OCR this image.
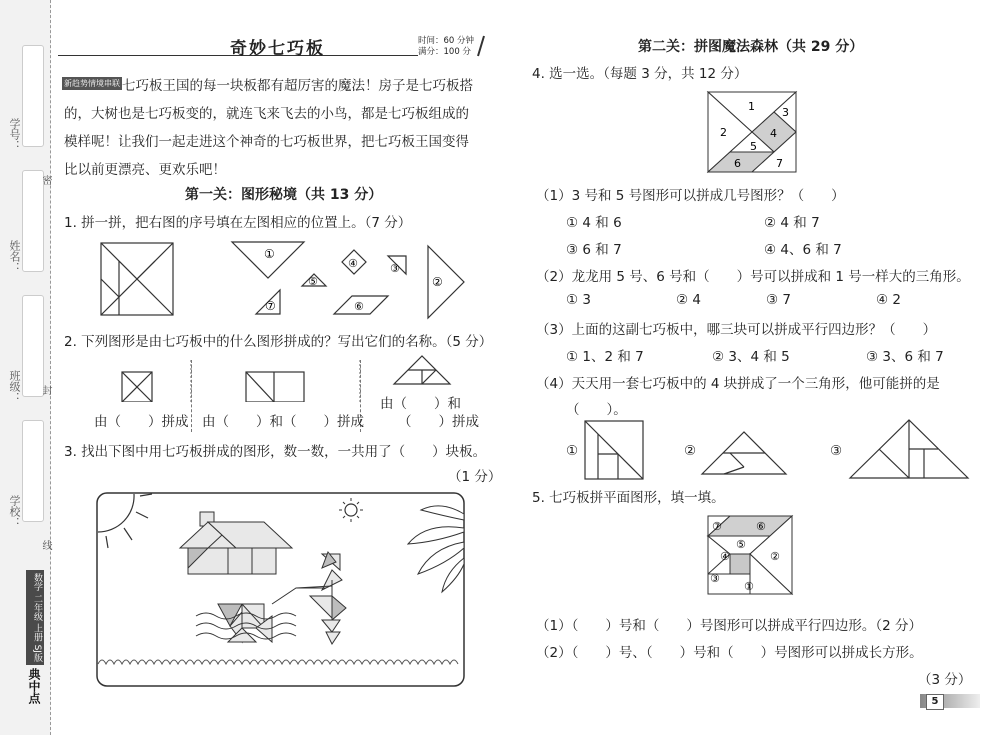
学号：
姓名：
班级：
学校：
密
封
线
数学 二年级 上册 SJ版
典中点
奇妙七巧板	时间：60 分钟
满分：100 分
新趋势情境串联 七巧板王国的每一块板都有超厉害的魔法！房子是七巧板搭
的，大树也是七巧板变的，就连飞来飞去的小鸟，都是七巧板组成的
模样呢！让我们一起走进这个神奇的七巧板世界，把七巧板王国变得
比以前更漂亮、更欢乐吧！
第一关：图形秘境（共 13 分）
1. 拼一拼，把右图的序号填在左图相应的位置上。（7 分）
①
⑦
⑤
④	③
⑥
②
2. 下列图形是由七巧板中的什么图形拼成的？写出它们的名称。（5 分）
由（　　）拼成 由（　　）和（　　）拼成
由（　　）和
（　　）拼成
3. 找出下图中用七巧板拼成的图形，数一数，一共用了（　　）块板。
（1 分）
第二关：拼图魔法森林（共 29 分）
4. 选一选。（每题 3 分，共 12 分）
1
2
3
4
5
6	7
（1）3 号和 5 号图形可以拼成几号图形？（　　）
① 4 和 6	② 4 和 7
③ 6 和 7	④ 4、6 和 7
（2）龙龙用 5 号、6 号和（　　）号可以拼成和 1 号一样大的三角形。
① 3	② 4	③ 7	④ 2
（3）上面的这副七巧板中，哪三块可以拼成平行四边形？（　　）
① 1、2 和 7	② 3、4 和 5	③ 3、6 和 7
（4）天天用一套七巧板中的 4 块拼成了一个三角形，他可能拼的是
（　　）。
①	②	③
5. 七巧板拼平面图形，填一填。
⑦	⑥
⑤
④
③
②
①
（1）（　　）号和（　　）号图形可以拼成平行四边形。（2 分）
（2）（　　）号、（　　）号和（　　）号图形可以拼成长方形。
（3 分）
5
